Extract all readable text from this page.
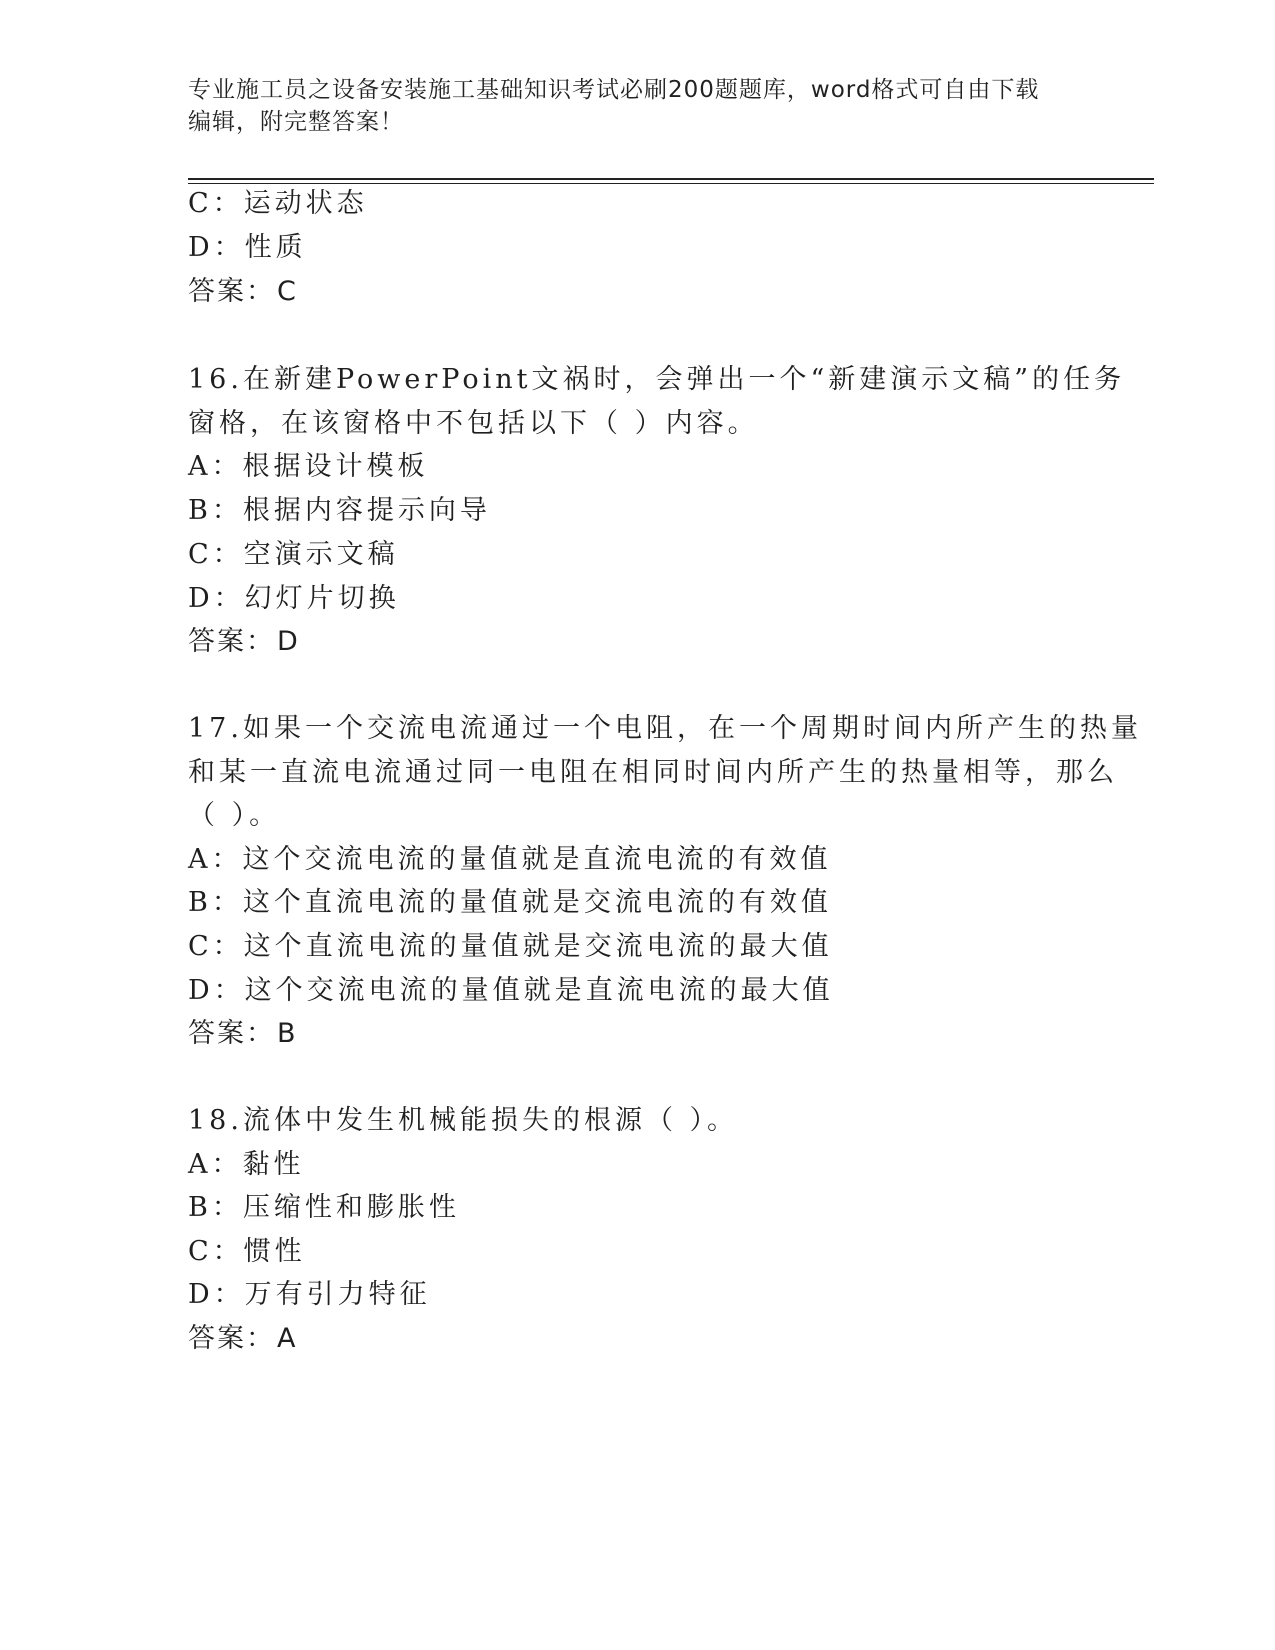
专业施工员之设备安装施工基础知识考试必刷200题题库，word格式可自由下载
编辑，附完整答案！
C：运动状态
D：性质
答案：C
16.在新建PowerPoint文祸时，会弹出一个“新建演示文稿”的任务
窗格，在该窗格中不包括以下（ ）内容。
A：根据设计模板
B：根据内容提示向导
C：空演示文稿
D：幻灯片切换
答案：D
17.如果一个交流电流通过一个电阻，在一个周期时间内所产生的热量
和某一直流电流通过同一电阻在相同时间内所产生的热量相等，那么
（ ）。
A：这个交流电流的量值就是直流电流的有效值
B：这个直流电流的量值就是交流电流的有效值
C：这个直流电流的量值就是交流电流的最大值
D：这个交流电流的量值就是直流电流的最大值
答案：B
18.流体中发生机械能损失的根源（ ）。
A：黏性
B：压缩性和膨胀性
C：惯性
D：万有引力特征
答案：A
